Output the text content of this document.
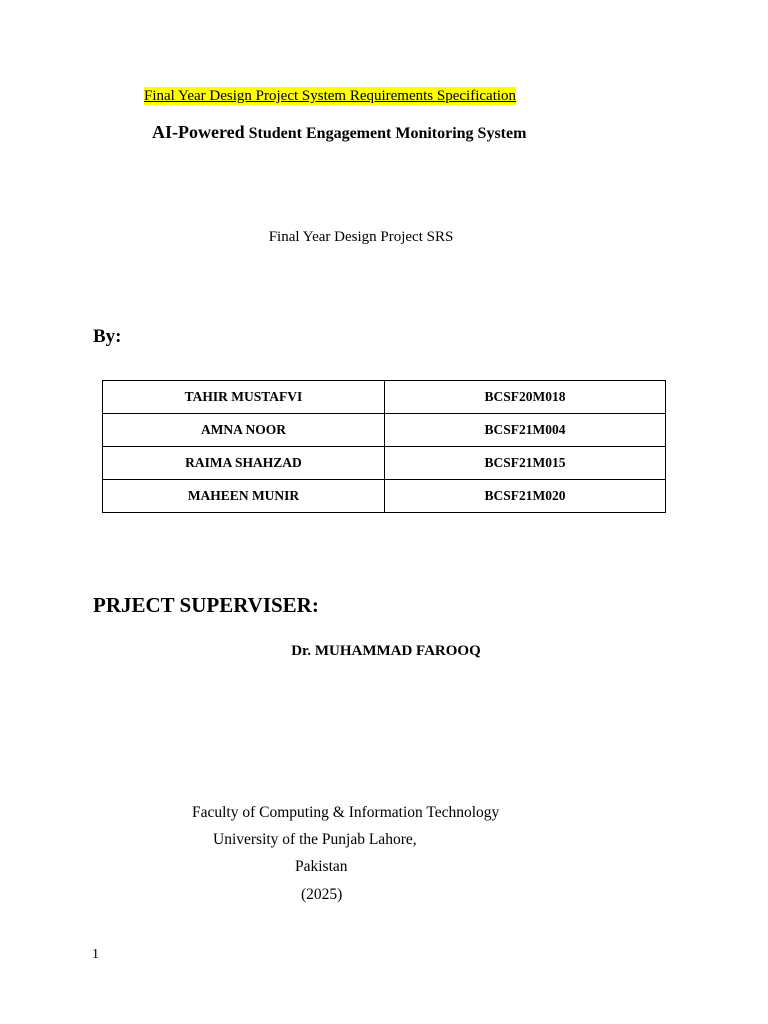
Final Year Design Project System Requirements Specification
AI-Powered Student Engagement Monitoring System
Final Year Design Project SRS
By:
TAHIR MUSTAFVI	BCSF20M018
AMNA NOOR	BCSF21M004
RAIMA SHAHZAD	BCSF21M015
MAHEEN MUNIR	BCSF21M020
PRJECT SUPERVISER:
Dr. MUHAMMAD FAROOQ
Faculty of Computing & Information Technology
University of the Punjab Lahore,
Pakistan
(2025)
1
